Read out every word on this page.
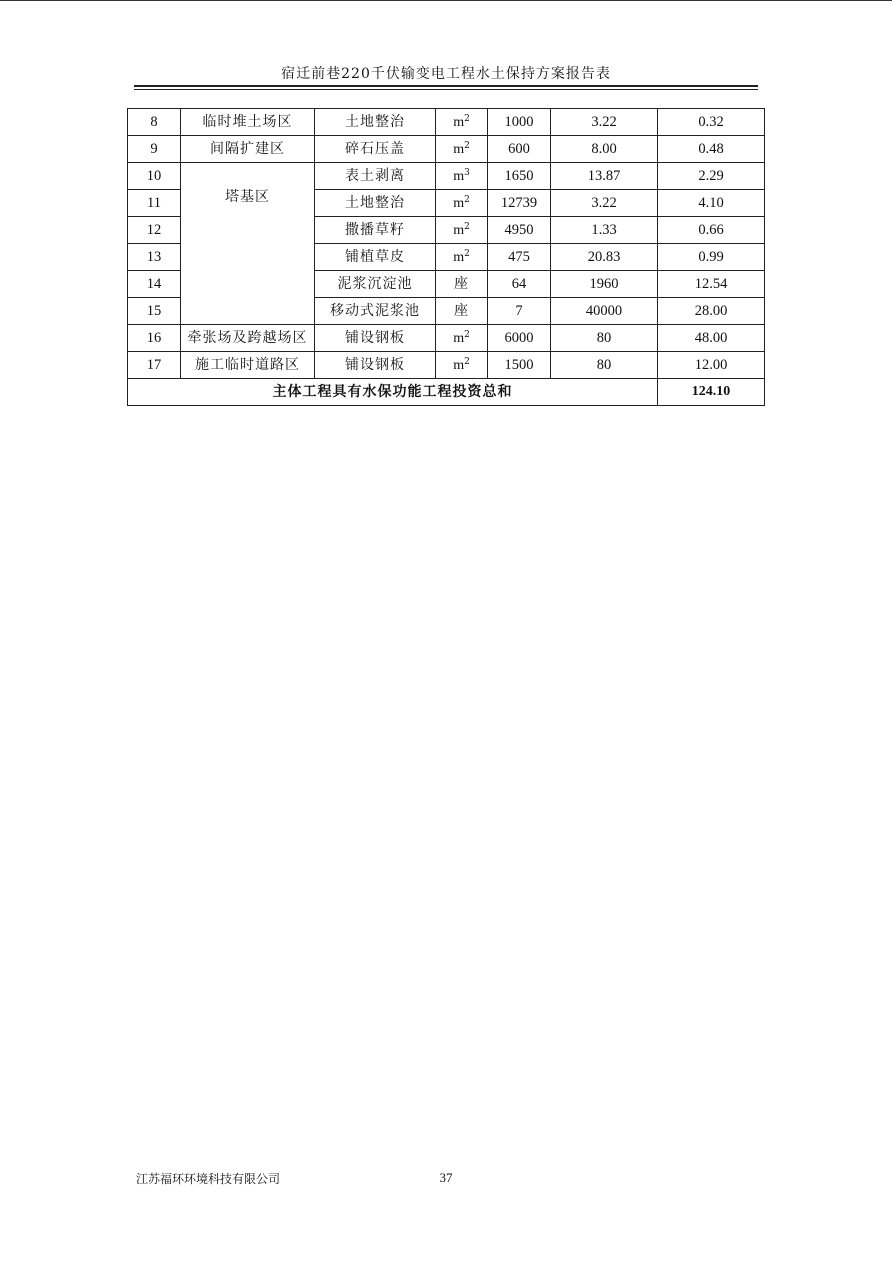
宿迁前巷220千伏输变电工程水土保持方案报告表
8	临时堆土场区	土地整治	$m^2$	1000	3.22	0.32
9	间隔扩建区	碎石压盖	$m^2$	600	8.00	0.48
10	塔基区	表土剥离	$m^3$	1650	13.87	2.29
11		土地整治	$m^2$	12739	3.22	4.10
12		撒播草籽	$m^2$	4950	1.33	0.66
13		铺植草皮	$m^2$	475	20.83	0.99
14		泥浆沉淀池	座	64	1960	12.54
15		移动式泥浆池	座	7	40000	28.00
16	牵张场及跨越场区	铺设钢板	$m^2$	6000	80	48.00
17	施工临时道路区	铺设钢板	$m^2$	1500	80	12.00
主体工程具有水保功能工程投资总和						124.10
江苏福环环境科技有限公司	37
